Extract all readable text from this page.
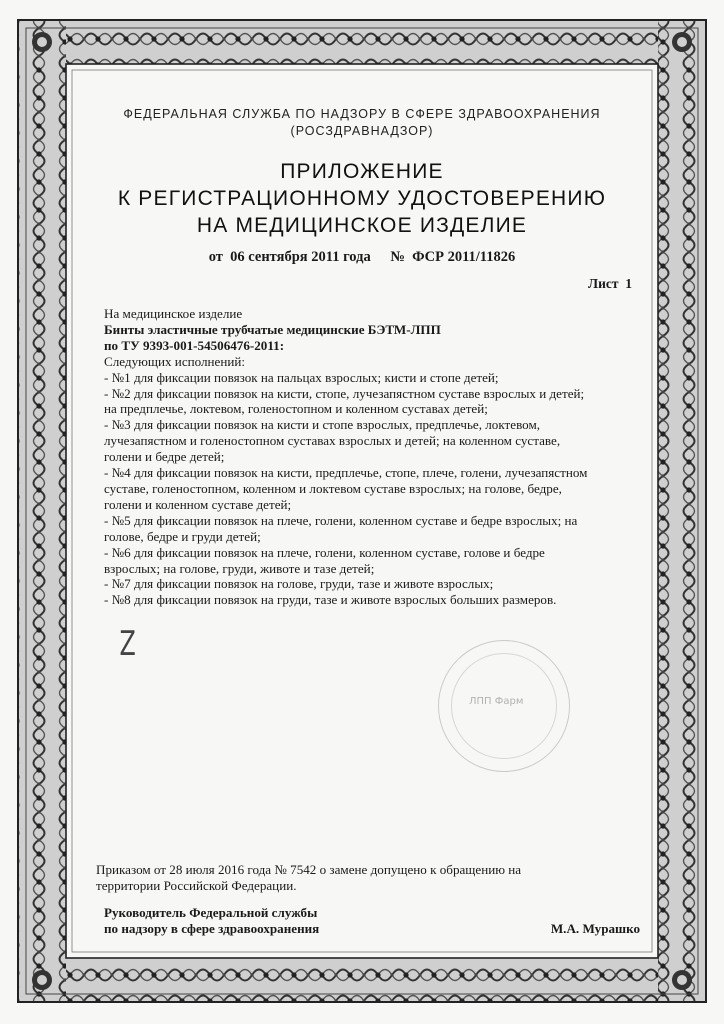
ФЕДЕРАЛЬНАЯ СЛУЖБА ПО НАДЗОРУ В СФЕРЕ ЗДРАВООХРАНЕНИЯ
(РОСЗДРАВНАДЗОР)
ПРИЛОЖЕНИЕ
К РЕГИСТРАЦИОННОМУ УДОСТОВЕРЕНИЮ
НА МЕДИЦИНСКОЕ ИЗДЕЛИЕ
от  06 сентября 2011 года №  ФСР 2011/11826
Лист  1
На медицинское изделие
Бинты эластичные трубчатые медицинские БЭТМ-ЛПП
по ТУ 9393-001-54506476-2011:
Следующих исполнений:
- №1 для фиксации повязок на пальцах взрослых; кисти и стопе детей;
- №2 для фиксации повязок на кисти, стопе, лучезапястном суставе взрослых и детей;
на предплечье, локтевом, голеностопном и коленном суставах детей;
- №3 для фиксации повязок на кисти и стопе взрослых, предплечье, локтевом,
лучезапястном и голеностопном суставах взрослых и детей; на коленном суставе,
голени и бедре детей;
- №4 для фиксации повязок на кисти, предплечье, стопе, плече, голени, лучезапястном
суставе, голеностопном, коленном и локтевом суставе взрослых; на голове, бедре,
голени и коленном суставе детей;
- №5 для фиксации повязок на плече, голени, коленном суставе и бедре взрослых; на
голове, бедре и груди детей;
- №6 для фиксации повязок на плече, голени, коленном суставе, голове и бедре
взрослых; на голове, груди, животе и тазе детей;
- №7 для фиксации повязок на голове, груди, тазе и животе взрослых;
- №8 для фиксации повязок на груди, тазе и животе взрослых больших размеров.
Z
ЛПП Фарм
Приказом от 28 июля 2016 года № 7542 о замене допущено к обращению на
территории Российской Федерации.
Руководитель Федеральной службы
по надзору в сфере здравоохранения	М.А. Мурашко
